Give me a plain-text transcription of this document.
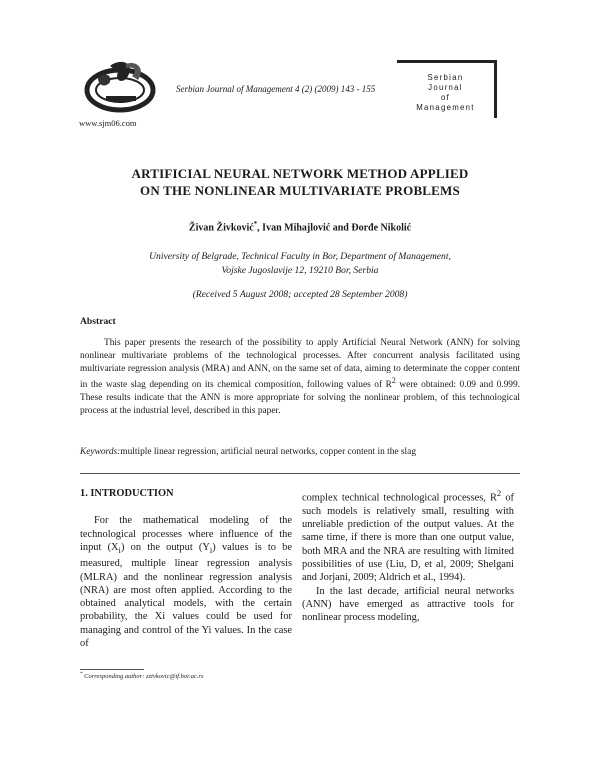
www.sjm06.com
Serbian Journal of Management 4 (2) (2009) 143 - 155
Serbian
Journal
of
Management
ARTIFICIAL NEURAL NETWORK METHOD APPLIED
ON THE NONLINEAR MULTIVARIATE PROBLEMS
Živan Živković*, Ivan Mihajlović and Đorđe Nikolić
University of Belgrade, Technical Faculty in Bor, Department of Management,
Vojske Jugoslavije 12, 19210 Bor, Serbia
(Received 5 August 2008; accepted 28 September 2008)
Abstract
This paper presents the research of the possibility to apply Artificial Neural Network (ANN) for solving nonlinear multivariate problems of the technological processes. After concurrent analysis facilitated using multivariate regression analysis (MRA) and ANN, on the same set of data, aiming to determinate the copper content in the waste slag depending on its chemical composition, following values of $R^2$ were obtained: 0.09 and 0.999. These results indicate that the ANN is more appropriate for solving the nonlinear problem, of this technological process at the industrial level, described in this paper.
Keywords:multiple linear regression, artificial neural networks, copper content in the slag
1. INTRODUCTION

For the mathematical modeling of the technological processes where influence of the input $(X_i)$ on the output $(Y_i)$ values is to be measured, multiple linear regression analysis (MLRA) and the nonlinear regression analysis (NRA) are most often applied. According to the obtained analytical models, with the certain probability, the Xi values could be used for managing and control of the Yi values. In the case of

complex technical technological processes, $R^2$ of such models is relatively small, resulting with unreliable prediction of the output values. At the same time, if there is more than one output value, both MRA and the NRA are resulting with limited possibilities of use (Liu, D, et al, 2009; Shelgani and Jorjani, 2009; Aldrich et al., 1994).

In the last decade, artificial neural networks (ANN) have emerged as attractive tools for nonlinear process modeling,

* Corresponding author: zzivkovic@tf.bor.ac.rs
